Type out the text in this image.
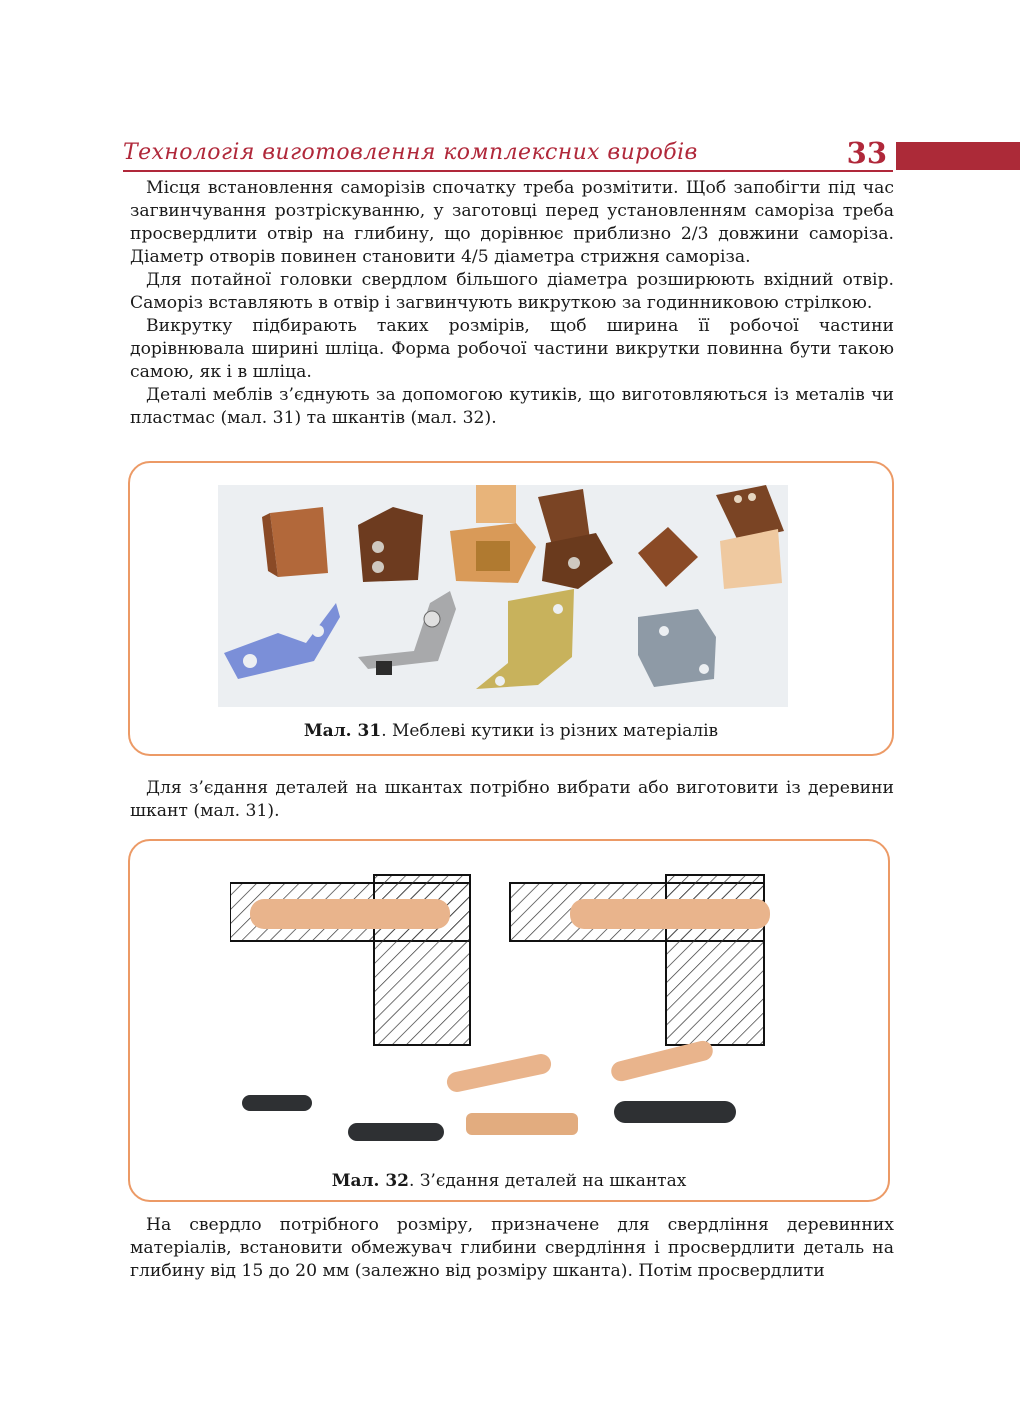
Технологія виготовлення комплексних виробів	33

Місця встановлення саморізів спочатку треба розмітити. Щоб запобігти під час загвинчування розтріскуванню, у заготовці перед установленням самоpіза треба просвердлити отвір на глибину, що дорівнює приблизно 2/3 довжини самоpіза. Діаметр отворів повинен становити 4/5 діаметра стрижня самоpіза.

Для потайної головки свердлом більшого діаметра розширюють вхідний отвір. Саморіз вставляють в отвір і загвинчують викруткою за годинниковою стрілкою.

Викрутку підбирають таких розмірів, щоб ширина її робочої частини дорівнювала ширині шліца. Форма робочої частини викрутки повинна бути такою самою, як і в шліца.

Деталі меблів з’єднують за допомогою кутиків, що виготовляються із металів чи пластмас (мал. 31) та шкантів (мал. 32).

Мал. 31. Меблеві кутики із різних матеріалів

Для з’єдання деталей на шкантах потрібно вибрати або виготовити із деревини шкант (мал. 31).

Мал. 32. З’єдання деталей на шкантах

На свердло потрібного розміру, призначене для свердління деревинних матеріалів, встановити обмежувач глибини свердління і просвердлити деталь на глибину від 15 до 20 мм (залежно від розміру шканта). Потім просвердлити
